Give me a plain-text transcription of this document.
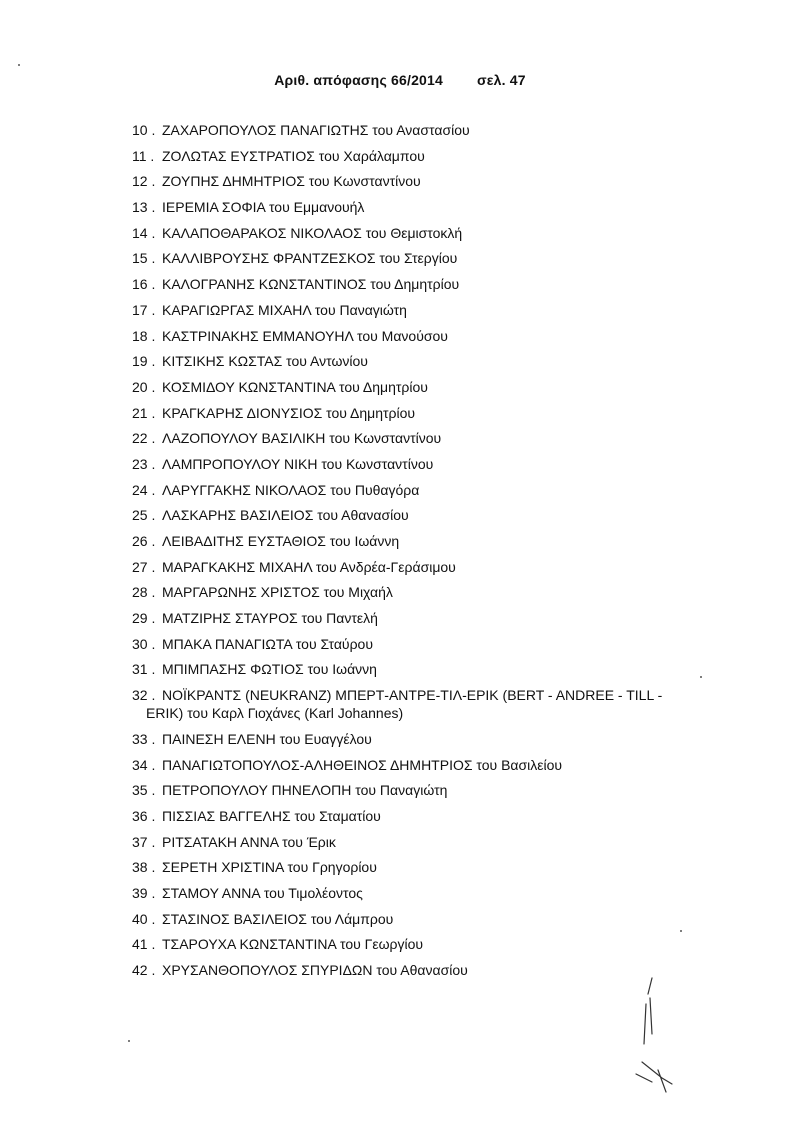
Αριθ. απόφασης 66/2014 σελ. 47
10 . ΖΑΧΑΡΟΠΟΥΛΟΣ ΠΑΝΑΓΙΩΤΗΣ του Αναστασίου
11 . ΖΟΛΩΤΑΣ ΕΥΣΤΡΑΤΙΟΣ του Χαράλαμπου
12 . ΖΟΥΠΗΣ ΔΗΜΗΤΡΙΟΣ του Κωνσταντίνου
13 . ΙΕΡΕΜΙΑ ΣΟΦΙΑ του Εμμανουήλ
14 . ΚΑΛΑΠΟΘΑΡΑΚΟΣ ΝΙΚΟΛΑΟΣ του Θεμιστοκλή
15 . ΚΑΛΛΙΒΡΟΥΣΗΣ ΦΡΑΝΤΖΕΣΚΟΣ του Στεργίου
16 . ΚΑΛΟΓΡΑΝΗΣ ΚΩΝΣΤΑΝΤΙΝΟΣ του Δημητρίου
17 . ΚΑΡΑΓΙΩΡΓΑΣ ΜΙΧΑΗΛ του Παναγιώτη
18 . ΚΑΣΤΡΙΝΑΚΗΣ ΕΜΜΑΝΟΥΗΛ του Μανούσου
19 . ΚΙΤΣΙΚΗΣ ΚΩΣΤΑΣ του Αντωνίου
20 . ΚΟΣΜΙΔΟΥ ΚΩΝΣΤΑΝΤΙΝΑ του Δημητρίου
21 . ΚΡΑΓΚΑΡΗΣ ΔΙΟΝΥΣΙΟΣ του Δημητρίου
22 . ΛΑΖΟΠΟΥΛΟΥ ΒΑΣΙΛΙΚΗ του Κωνσταντίνου
23 . ΛΑΜΠΡΟΠΟΥΛΟΥ ΝΙΚΗ του Κωνσταντίνου
24 . ΛΑΡΥΓΓΑΚΗΣ ΝΙΚΟΛΑΟΣ του Πυθαγόρα
25 . ΛΑΣΚΑΡΗΣ ΒΑΣΙΛΕΙΟΣ του Αθανασίου
26 . ΛΕΙΒΑΔΙΤΗΣ ΕΥΣΤΑΘΙΟΣ του Ιωάννη
27 . ΜΑΡΑΓΚΑΚΗΣ ΜΙΧΑΗΛ του Ανδρέα-Γεράσιμου
28 . ΜΑΡΓΑΡΩΝΗΣ ΧΡΙΣΤΟΣ του Μιχαήλ
29 . ΜΑΤΖΙΡΗΣ ΣΤΑΥΡΟΣ του Παντελή
30 . ΜΠΑΚΑ ΠΑΝΑΓΙΩΤΑ του Σταύρου
31 . ΜΠΙΜΠΑΣΗΣ ΦΩΤΙΟΣ του Ιωάννη
32 . ΝΟΪΚΡΑΝΤΣ (NEUKRANZ) ΜΠΕΡΤ-ΑΝΤΡΕ-ΤΙΛ-ΕΡΙΚ (BERT - ANDREE - TILL -
ERIK) του Καρλ Γιοχάνες (Karl Johannes)
33 . ΠΑΙΝΕΣΗ ΕΛΕΝΗ του Ευαγγέλου
34 . ΠΑΝΑΓΙΩΤΟΠΟΥΛΟΣ-ΑΛΗΘΕΙΝΟΣ ΔΗΜΗΤΡΙΟΣ του Βασιλείου
35 . ΠΕΤΡΟΠΟΥΛΟΥ ΠΗΝΕΛΟΠΗ του Παναγιώτη
36 . ΠΙΣΣΙΑΣ ΒΑΓΓΕΛΗΣ του Σταματίου
37 . ΡΙΤΣΑΤΑΚΗ ΑΝΝΑ του Έρικ
38 . ΣΕΡΕΤΗ ΧΡΙΣΤΙΝΑ του Γρηγορίου
39 . ΣΤΑΜΟΥ ΑΝΝΑ του Τιμολέοντος
40 . ΣΤΑΣΙΝΟΣ ΒΑΣΙΛΕΙΟΣ του Λάμπρου
41 . ΤΣΑΡΟΥΧΑ ΚΩΝΣΤΑΝΤΙΝΑ του Γεωργίου
42 . ΧΡΥΣΑΝΘΟΠΟΥΛΟΣ ΣΠΥΡΙΔΩΝ του Αθανασίου
